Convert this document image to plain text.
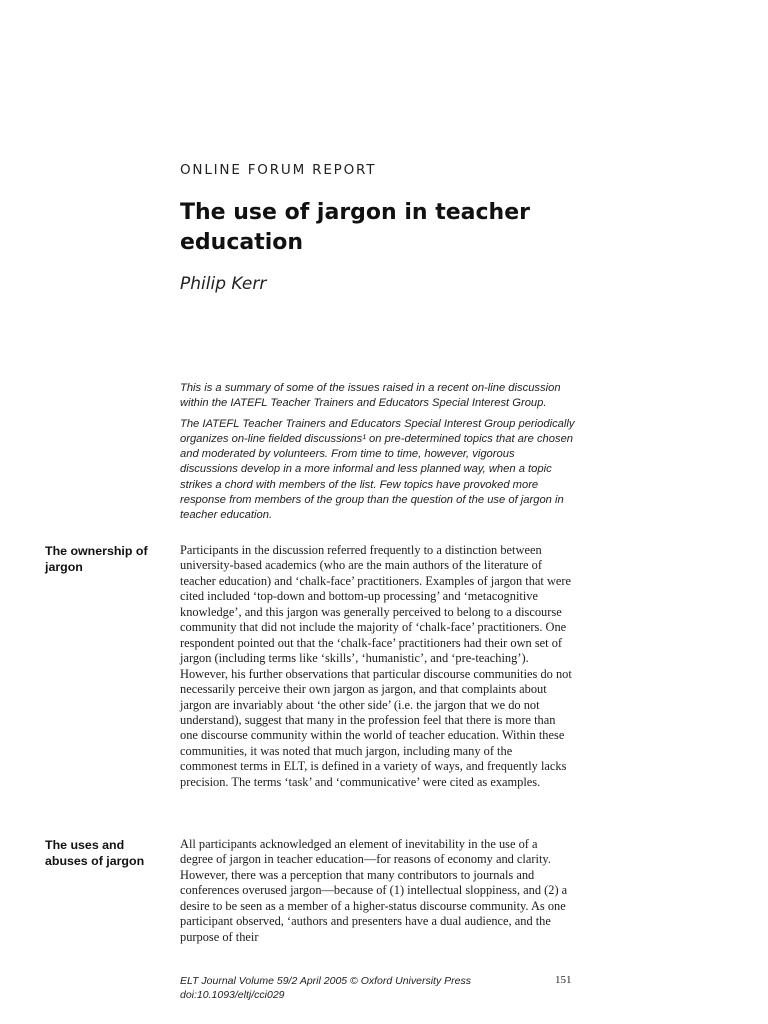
ONLINE FORUM REPORT
The use of jargon in teacher education
Philip Kerr

This is a summary of some of the issues raised in a recent on-line discussion within the IATEFL Teacher Trainers and Educators Special Interest Group.

The IATEFL Teacher Trainers and Educators Special Interest Group periodically organizes on-line fielded discussions¹ on pre-determined topics that are chosen and moderated by volunteers. From time to time, however, vigorous discussions develop in a more informal and less planned way, when a topic strikes a chord with members of the list. Few topics have provoked more response from members of the group than the question of the use of jargon in teacher education.

The ownership of jargon

Participants in the discussion referred frequently to a distinction between university-based academics (who are the main authors of the literature of teacher education) and ‘chalk-face’ practitioners. Examples of jargon that were cited included ‘top-down and bottom-up processing’ and ‘metacognitive knowledge’, and this jargon was generally perceived to belong to a discourse community that did not include the majority of ‘chalk-face’ practitioners. One respondent pointed out that the ‘chalk-face’ practitioners had their own set of jargon (including terms like ‘skills’, ‘humanistic’, and ‘pre-teaching’). However, his further observations that particular discourse communities do not necessarily perceive their own jargon as jargon, and that complaints about jargon are invariably about ‘the other side’ (i.e. the jargon that we do not understand), suggest that many in the profession feel that there is more than one discourse community within the world of teacher education. Within these communities, it was noted that much jargon, including many of the commonest terms in ELT, is defined in a variety of ways, and frequently lacks precision. The terms ‘task’ and ‘communicative’ were cited as examples.

The uses and abuses of jargon

All participants acknowledged an element of inevitability in the use of a degree of jargon in teacher education—for reasons of economy and clarity. However, there was a perception that many contributors to journals and conferences overused jargon—because of (1) intellectual sloppiness, and (2) a desire to be seen as a member of a higher-status discourse community. As one participant observed, ‘authors and presenters have a dual audience, and the purpose of their

ELT Journal Volume 59/2 April 2005 © Oxford University Press
doi:10.1093/eltj/cci029
151
